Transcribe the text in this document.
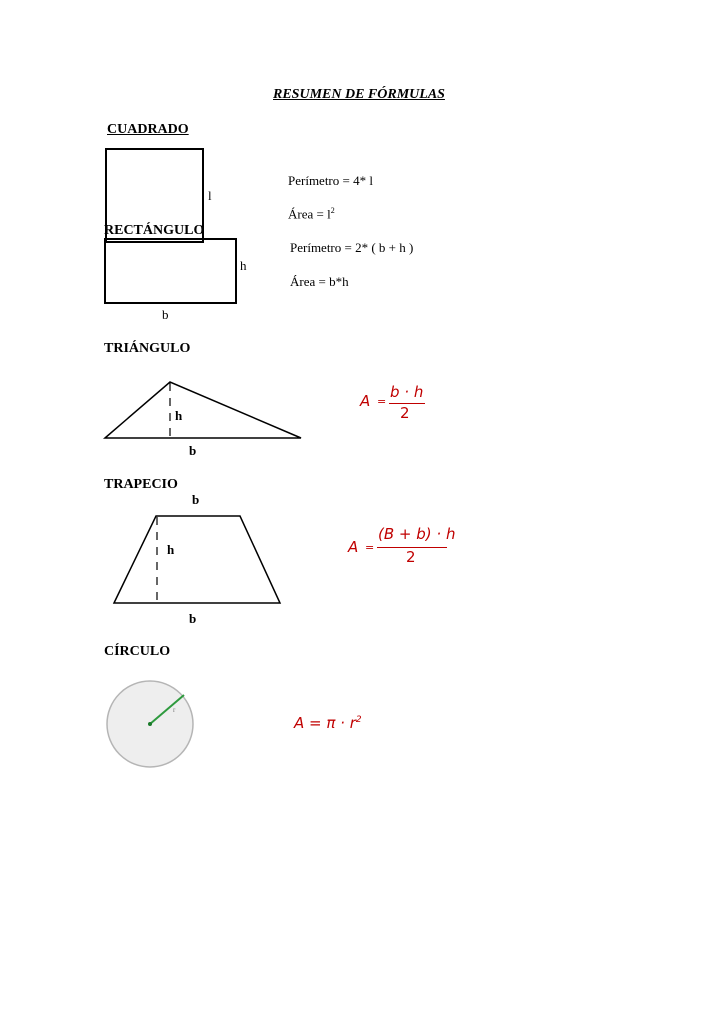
RESUMEN DE FÓRMULAS
CUADRADO
RECTÁNGULO
TRIÁNGULO
TRAPECIO
CÍRCULO
l
Perímetro = 4* l
Área = $l^2$
h
b
Perímetro = 2* ( b + h )
Área = b*h
h
b
A =
b · h
2
b
h
b
A =
(B + b) · h
2
r
$A = \pi \cdot r^2$
